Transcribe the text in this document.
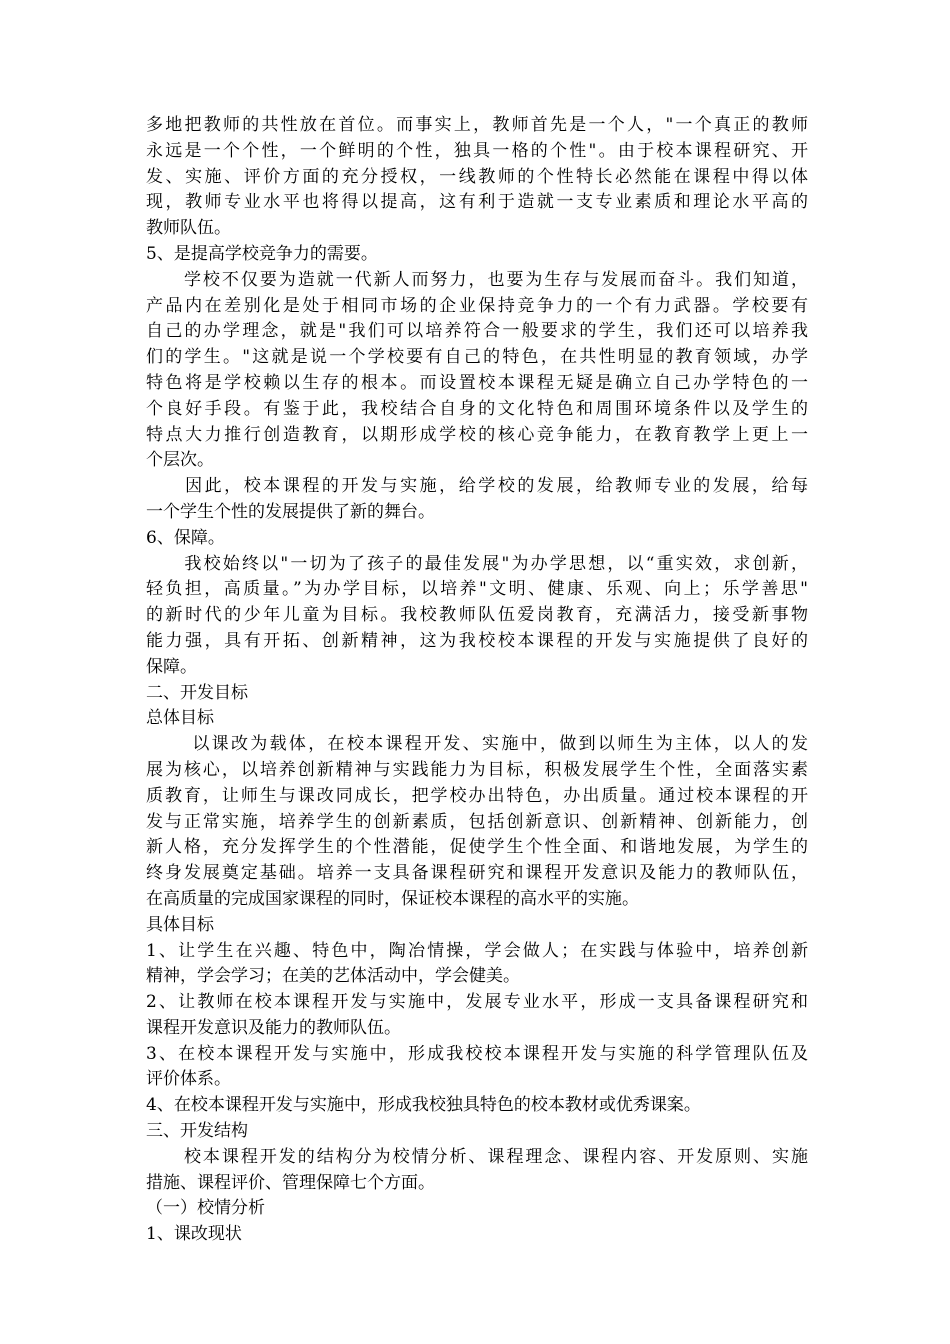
多地把教师的共性放在首位。而事实上，教师首先是一个人，"一个真正的教师
永远是一个个性，一个鲜明的个性，独具一格的个性"。由于校本课程研究、开
发、实施、评价方面的充分授权，一线教师的个性特长必然能在课程中得以体
现，教师专业水平也将得以提高，这有利于造就一支专业素质和理论水平高的
教师队伍。
5、是提高学校竞争力的需要。
　　学校不仅要为造就一代新人而努力，也要为生存与发展而奋斗。我们知道，
产品内在差别化是处于相同市场的企业保持竞争力的一个有力武器。学校要有
自己的办学理念，就是"我们可以培养符合一般要求的学生，我们还可以培养我
们的学生。"这就是说一个学校要有自己的特色，在共性明显的教育领域，办学
特色将是学校赖以生存的根本。而设置校本课程无疑是确立自己办学特色的一
个良好手段。有鉴于此，我校结合自身的文化特色和周围环境条件以及学生的
特点大力推行创造教育，以期形成学校的核心竞争能力，在教育教学上更上一
个层次。
　　因此，校本课程的开发与实施，给学校的发展，给教师专业的发展，给每
一个学生个性的发展提供了新的舞台。
6、保障。
　　我校始终以"一切为了孩子的最佳发展"为办学思想，以“重实效，求创新，
轻负担，高质量。”为办学目标，以培养"文明、健康、乐观、向上；乐学善思"
的新时代的少年儿童为目标。我校教师队伍爱岗教育，充满活力，接受新事物
能力强，具有开拓、创新精神，这为我校校本课程的开发与实施提供了良好的
保障。
二、开发目标
总体目标
　　 以课改为载体，在校本课程开发、实施中，做到以师生为主体，以人的发
展为核心，以培养创新精神与实践能力为目标，积极发展学生个性，全面落实素
质教育，让师生与课改同成长，把学校办出特色，办出质量。通过校本课程的开
发与正常实施，培养学生的创新素质，包括创新意识、创新精神、创新能力，创
新人格，充分发挥学生的个性潜能，促使学生个性全面、和谐地发展，为学生的
终身发展奠定基础。培养一支具备课程研究和课程开发意识及能力的教师队伍，
在高质量的完成国家课程的同时，保证校本课程的高水平的实施。
具体目标
1、让学生在兴趣、特色中，陶冶情操，学会做人；在实践与体验中，培养创新
精神，学会学习；在美的艺体活动中，学会健美。
2、让教师在校本课程开发与实施中，发展专业水平，形成一支具备课程研究和
课程开发意识及能力的教师队伍。
3、在校本课程开发与实施中，形成我校校本课程开发与实施的科学管理队伍及
评价体系。
4、在校本课程开发与实施中，形成我校独具特色的校本教材或优秀课案。
三、开发结构
　　校本课程开发的结构分为校情分析、课程理念、课程内容、开发原则、实施
措施、课程评价、管理保障七个方面。
（一）校情分析
1、课改现状
